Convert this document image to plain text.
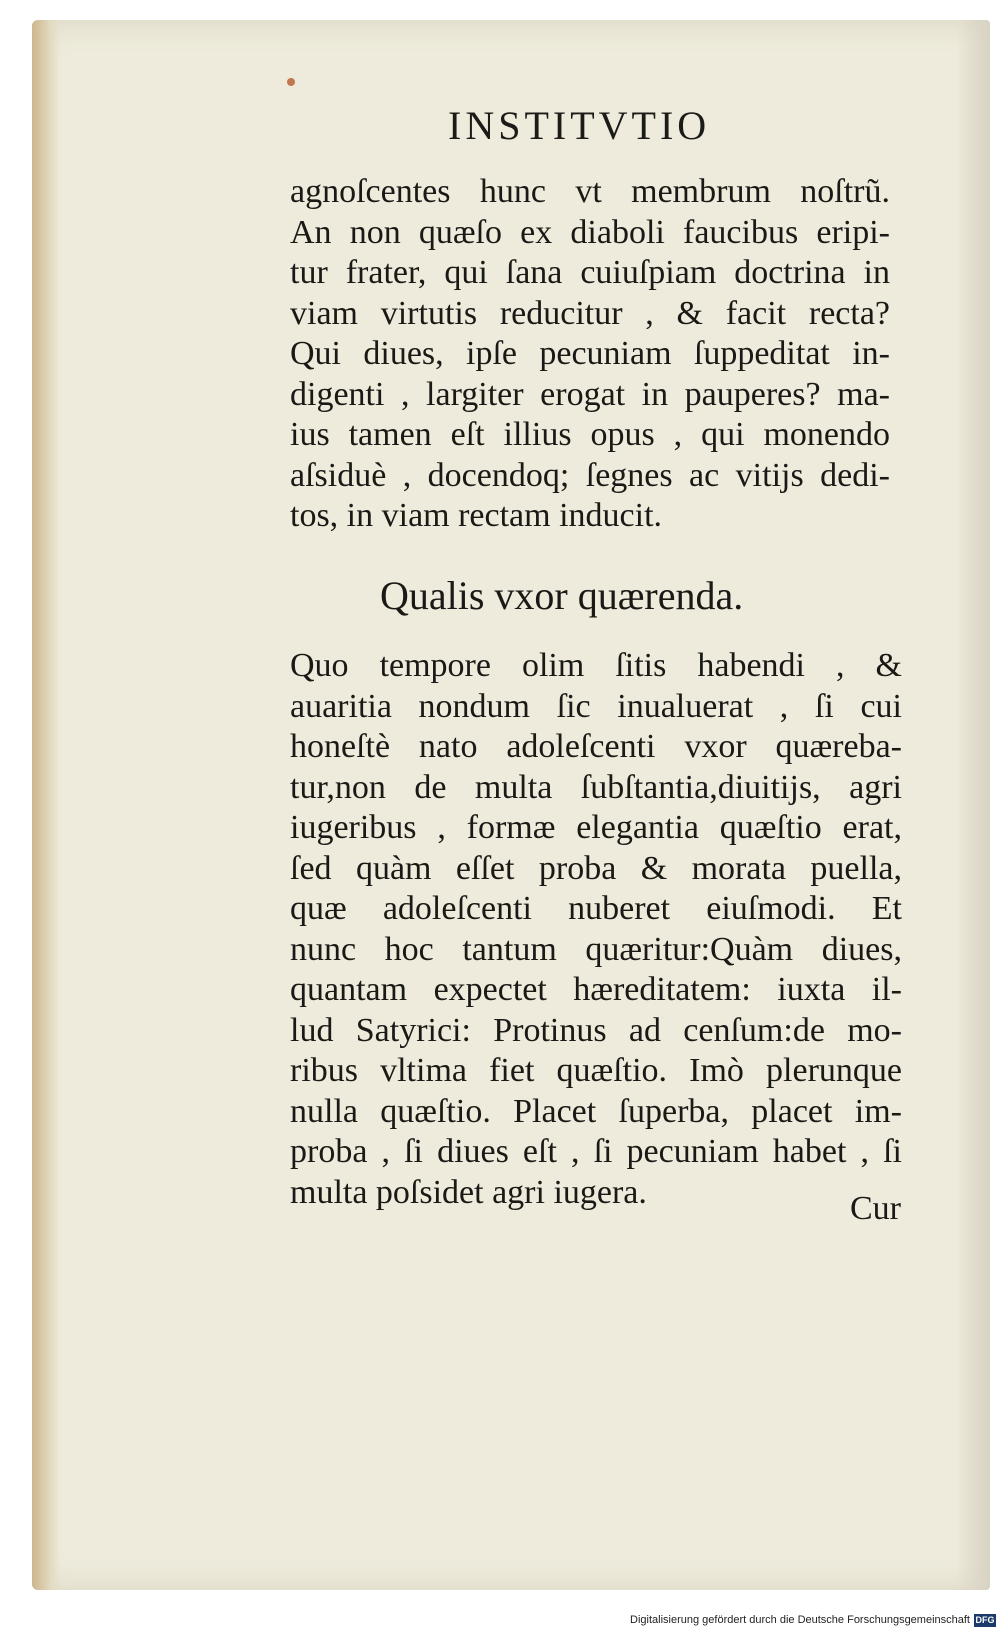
INSTITVTIO
agnoſcentes hunc vt membrum noſtrũ.
An non quæſo ex diaboli faucibus eripi-
tur frater, qui ſana cuiuſpiam doctrina in
viam virtutis reducitur , & facit recta?
Qui diues, ipſe pecuniam ſuppeditat in-
digenti , largiter erogat in pauperes? ma-
ius tamen eſt illius opus , qui monendo
aſsiduè , docendoq; ſegnes ac vitijs dedi-
tos, in viam rectam inducit.
Qualis vxor quærenda.
Quo tempore olim ſitis habendi , &
auaritia nondum ſic inualuerat , ſi cui
honeſtè nato adoleſcenti vxor quæreba-
tur,non de multa ſubſtantia,diuitijs, agri
iugeribus , formæ elegantia quæſtio erat,
ſed quàm eſſet proba & morata puella,
quæ adoleſcenti nuberet eiuſmodi. Et
nunc hoc tantum quæritur:Quàm diues,
quantam expectet hæreditatem: iuxta il-
lud Satyrici: Protinus ad cenſum:de mo-
ribus vltima fiet quæſtio. Imò plerunque
nulla quæſtio. Placet ſuperba, placet im-
proba , ſi diues eſt , ſi pecuniam habet , ſi
multa poſsidet agri iugera.	Cur
Digitalisierung gefördert durch die Deutsche Forschungsgemeinschaft DFG
